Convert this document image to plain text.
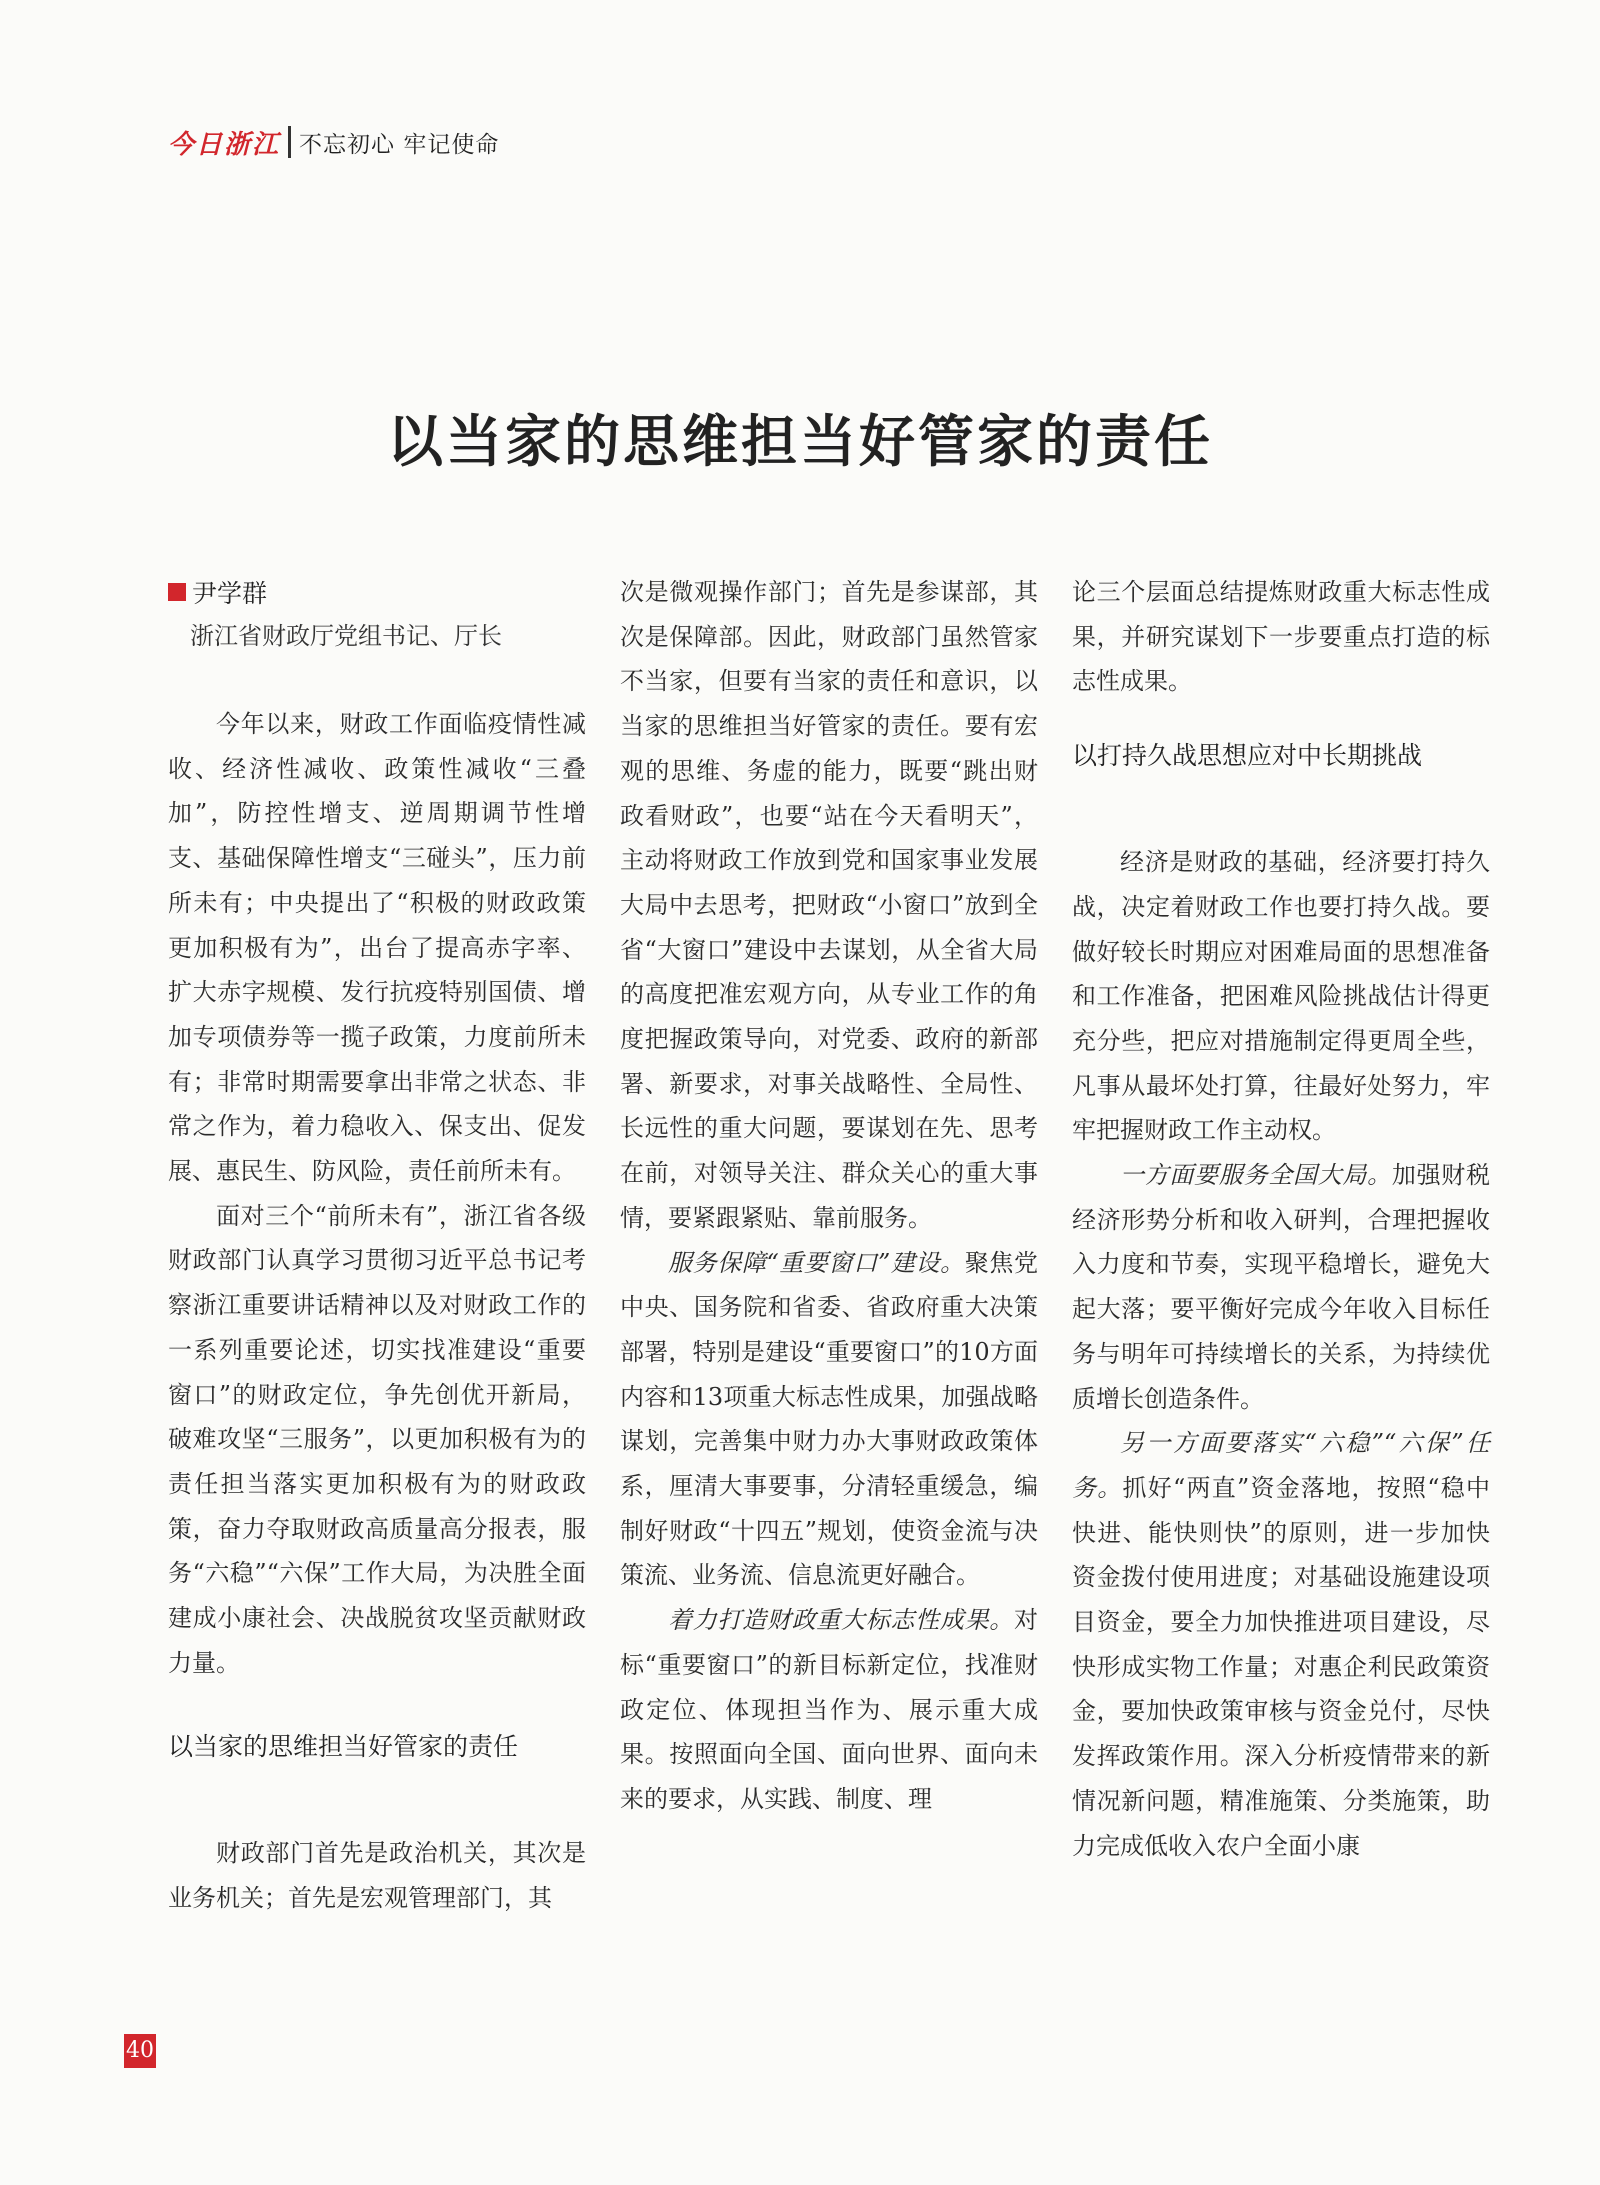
今日浙江 不忘初心 牢记使命
以当家的思维担当好管家的责任
尹学群
浙江省财政厅党组书记、厅长

今年以来，财政工作面临疫情性减收、经济性减收、政策性减收“三叠加”，防控性增支、逆周期调节性增支、基础保障性增支“三碰头”，压力前所未有；中央提出了“积极的财政政策更加积极有为”，出台了提高赤字率、扩大赤字规模、发行抗疫特别国债、增加专项债券等一揽子政策，力度前所未有；非常时期需要拿出非常之状态、非常之作为，着力稳收入、保支出、促发展、惠民生、防风险，责任前所未有。

面对三个“前所未有”，浙江省各级财政部门认真学习贯彻习近平总书记考察浙江重要讲话精神以及对财政工作的一系列重要论述，切实找准建设“重要窗口”的财政定位，争先创优开新局，破难攻坚“三服务”，以更加积极有为的责任担当落实更加积极有为的财政政策，奋力夺取财政高质量高分报表，服务“六稳”“六保”工作大局，为决胜全面建成小康社会、决战脱贫攻坚贡献财政力量。

以当家的思维担当好管家的责任

财政部门首先是政治机关，其次是业务机关；首先是宏观管理部门，其

次是微观操作部门；首先是参谋部，其次是保障部。因此，财政部门虽然管家不当家，但要有当家的责任和意识，以当家的思维担当好管家的责任。要有宏观的思维、务虚的能力，既要“跳出财政看财政”，也要“站在今天看明天”，主动将财政工作放到党和国家事业发展大局中去思考，把财政“小窗口”放到全省“大窗口”建设中去谋划，从全省大局的高度把准宏观方向，从专业工作的角度把握政策导向，对党委、政府的新部署、新要求，对事关战略性、全局性、长远性的重大问题，要谋划在先、思考在前，对领导关注、群众关心的重大事情，要紧跟紧贴、靠前服务。

服务保障“重要窗口”建设。聚焦党中央、国务院和省委、省政府重大决策部署，特别是建设“重要窗口”的10方面内容和13项重大标志性成果，加强战略谋划，完善集中财力办大事财政政策体系，厘清大事要事，分清轻重缓急，编制好财政“十四五”规划，使资金流与决策流、业务流、信息流更好融合。

着力打造财政重大标志性成果。对标“重要窗口”的新目标新定位，找准财政定位、体现担当作为、展示重大成果。按照面向全国、面向世界、面向未来的要求，从实践、制度、理

论三个层面总结提炼财政重大标志性成果，并研究谋划下一步要重点打造的标志性成果。

以打持久战思想应对中长期挑战

经济是财政的基础，经济要打持久战，决定着财政工作也要打持久战。要做好较长时期应对困难局面的思想准备和工作准备，把困难风险挑战估计得更充分些，把应对措施制定得更周全些，凡事从最坏处打算，往最好处努力，牢牢把握财政工作主动权。

一方面要服务全国大局。加强财税经济形势分析和收入研判，合理把握收入力度和节奏，实现平稳增长，避免大起大落；要平衡好完成今年收入目标任务与明年可持续增长的关系，为持续优质增长创造条件。

另一方面要落实“六稳”“六保”任务。抓好“两直”资金落地，按照“稳中快进、能快则快”的原则，进一步加快资金拨付使用进度；对基础设施建设项目资金，要全力加快推进项目建设，尽快形成实物工作量；对惠企利民政策资金，要加快政策审核与资金兑付，尽快发挥政策作用。深入分析疫情带来的新情况新问题，精准施策、分类施策，助力完成低收入农户全面小康

40
